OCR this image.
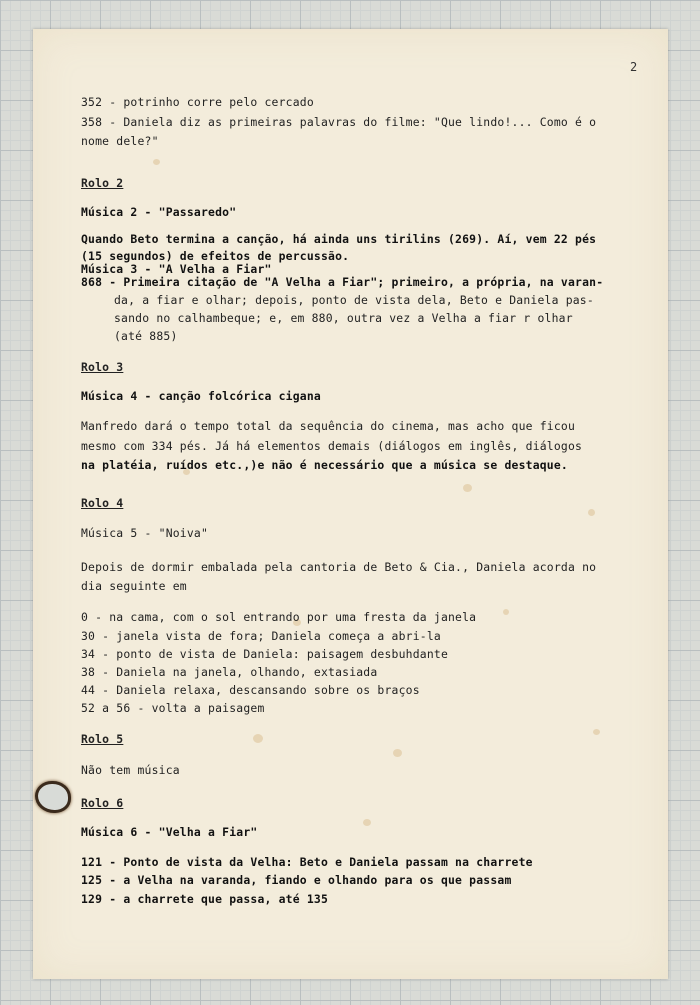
2
352 - potrinho corre pelo cercado
358 - Daniela diz as primeiras palavras do filme: "Que lindo!... Como é o
nome dele?"
Rolo 2
Música 2 - "Passaredo"
Quando Beto termina a canção, há ainda uns tirilins (269). Aí, vem 22 pés
(15 segundos) de efeitos de percussão.
Música 3 - "A Velha a Fiar"
868 - Primeira citação de "A Velha a Fiar"; primeiro, a própria, na varan-
da, a fiar e olhar; depois, ponto de vista dela, Beto e Daniela pas-
sando no calhambeque; e, em 880, outra vez a Velha a fiar r olhar
(até 885)
Rolo 3
Música 4 - canção folcórica cigana
Manfredo dará o tempo total da sequência do cinema, mas acho que ficou
mesmo com 334 pés. Já há elementos demais (diálogos em inglês, diálogos
na platéia, ruídos etc.,)e não é necessário que a música se destaque.
Rolo 4
Música 5 - "Noiva"
Depois de dormir embalada pela cantoria de Beto & Cia., Daniela acorda no
dia seguinte em
0 - na cama, com o sol entrando por uma fresta da janela
30 - janela vista de fora; Daniela começa a abri-la
34 - ponto de vista de Daniela: paisagem desbuhdante
38 - Daniela na janela, olhando, extasiada
44 - Daniela relaxa, descansando sobre os braços
52 a 56 - volta a paisagem
Rolo 5
Não tem música
Rolo 6
Música 6 - "Velha a Fiar"
121 - Ponto de vista da Velha: Beto e Daniela passam na charrete
125 - a Velha na varanda, fiando e olhando para os que passam
129 - a charrete que passa, até 135
